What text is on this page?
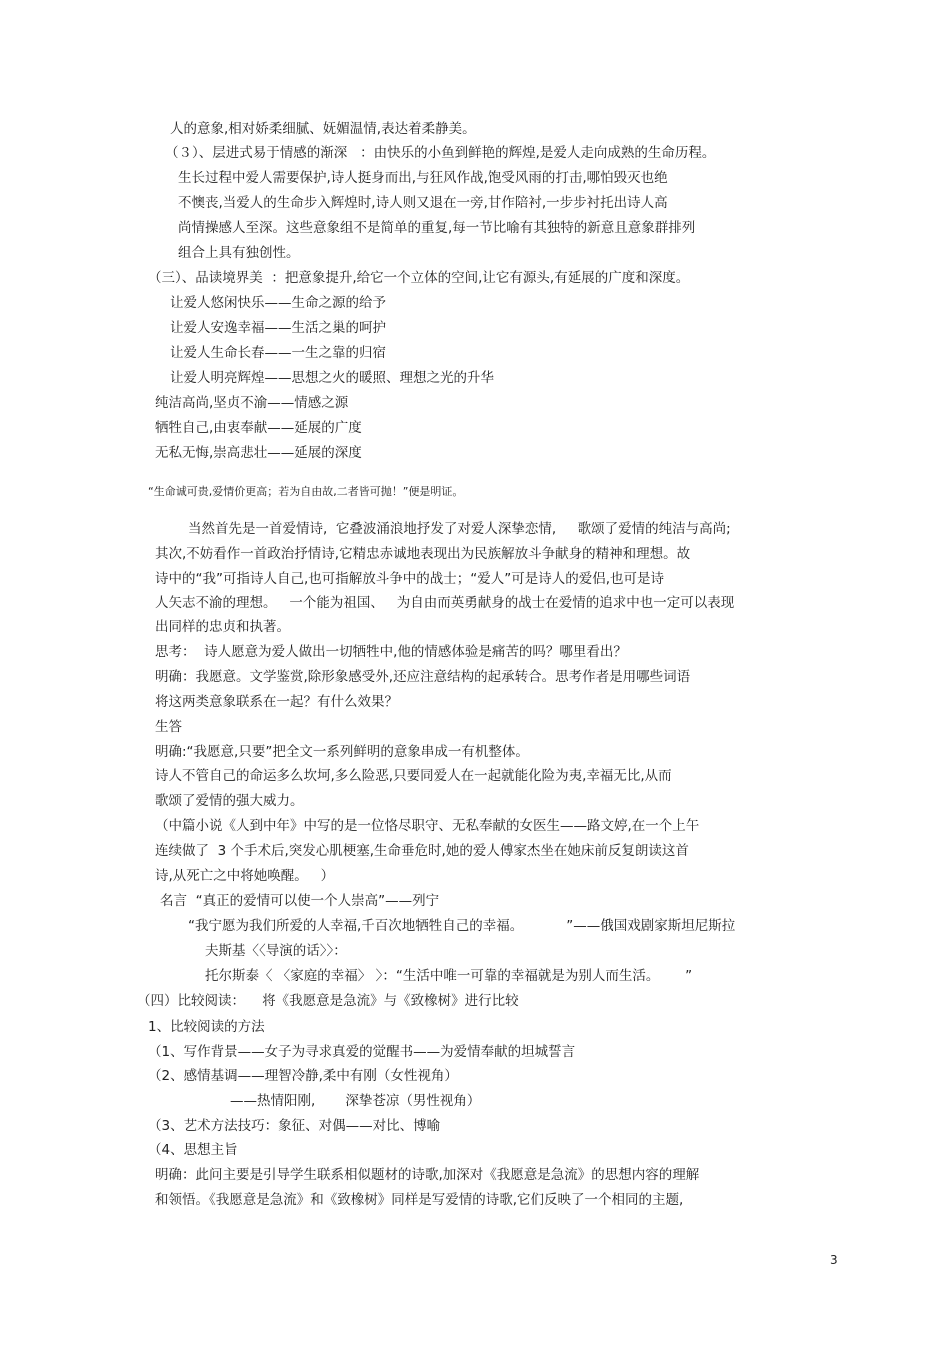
人的意象,相对娇柔细腻、妩媚温情,表达着柔静美。
（３）、层进式易于情感的渐深   ：由快乐的小鱼到鲜艳的辉煌,是爱人走向成熟的生命历程。
生长过程中爱人需要保护,诗人挺身而出,与狂风作战,饱受风雨的打击,哪怕毁灭也绝
不懊丧,当爱人的生命步入辉煌时,诗人则又退在一旁,甘作陪衬,一步步衬托出诗人高
尚情操感人至深。这些意象组不是简单的重复,每一节比喻有其独特的新意且意象群排列
组合上具有独创性。
（三）、品读境界美  ：把意象提升,给它一个立体的空间,让它有源头,有延展的广度和深度。
让爱人悠闲快乐——生命之源的给予
让爱人安逸幸福——生活之巢的呵护
让爱人生命长春——一生之靠的归宿
让爱人明亮辉煌——思想之火的暖照、理想之光的升华
纯洁高尚,坚贞不渝——情感之源
牺牲自己,由衷奉献——延展的广度
无私无悔,崇高悲壮——延展的深度
“生命诚可贵,爱情价更高；若为自由故,二者皆可抛！”便是明证。
当然首先是一首爱情诗,  它叠波涌浪地抒发了对爱人深挚恋情,     歌颂了爱情的纯洁与高尚;
其次,不妨看作一首政治抒情诗,它精忠赤诚地表现出为民族解放斗争献身的精神和理想。故
诗中的“我”可指诗人自己,也可指解放斗争中的战士；“爱人”可是诗人的爱侣,也可是诗
人矢志不渝的理想。   一个能为祖国、   为自由而英勇献身的战士在爱情的追求中也一定可以表现
出同样的忠贞和执著。
思考：  诗人愿意为爱人做出一切牺牲中,他的情感体验是痛苦的吗？哪里看出？
明确：我愿意。文学鉴赏,除形象感受外,还应注意结构的起承转合。思考作者是用哪些词语
将这两类意象联系在一起？有什么效果？
生答
明确:“我愿意,只要”把全文一系列鲜明的意象串成一有机整体。
诗人不管自己的命运多么坎坷,多么险恶,只要同爱人在一起就能化险为夷,幸福无比,从而
歌颂了爱情的强大威力。
（中篇小说《人到中年》中写的是一位恪尽职守、无私奉献的女医生——路文婷,在一个上午
连续做了  3 个手术后,突发心肌梗塞,生命垂危时,她的爱人傅家杰坐在她床前反复朗读这首
诗,从死亡之中将她唤醒。   ）
名言  “真正的爱情可以使一个人崇高”——列宁
“我宁愿为我们所爱的人幸福,千百次地牺牲自己的幸福。          ”——俄国戏剧家斯坦尼斯拉
夫斯基〈〈导演的话〉〉：
托尔斯泰〈 〈家庭的幸福〉 〉：“生活中唯一可靠的幸福就是为别人而生活。      ”
（四）比较阅读：    将《我愿意是急流》与《致橡树》进行比较
1、比较阅读的方法
（1、写作背景——女子为寻求真爱的觉醒书——为爱情奉献的坦城誓言
（2、感情基调——理智冷静,柔中有刚（女性视角）
——热情阳刚,       深挚苍凉（男性视角）
（3、艺术方法技巧：象征、对偶——对比、博喻
（4、思想主旨
明确：此问主要是引导学生联系相似题材的诗歌,加深对《我愿意是急流》的思想内容的理解
和领悟。《我愿意是急流》和《致橡树》同样是写爱情的诗歌,它们反映了一个相同的主题,
3
